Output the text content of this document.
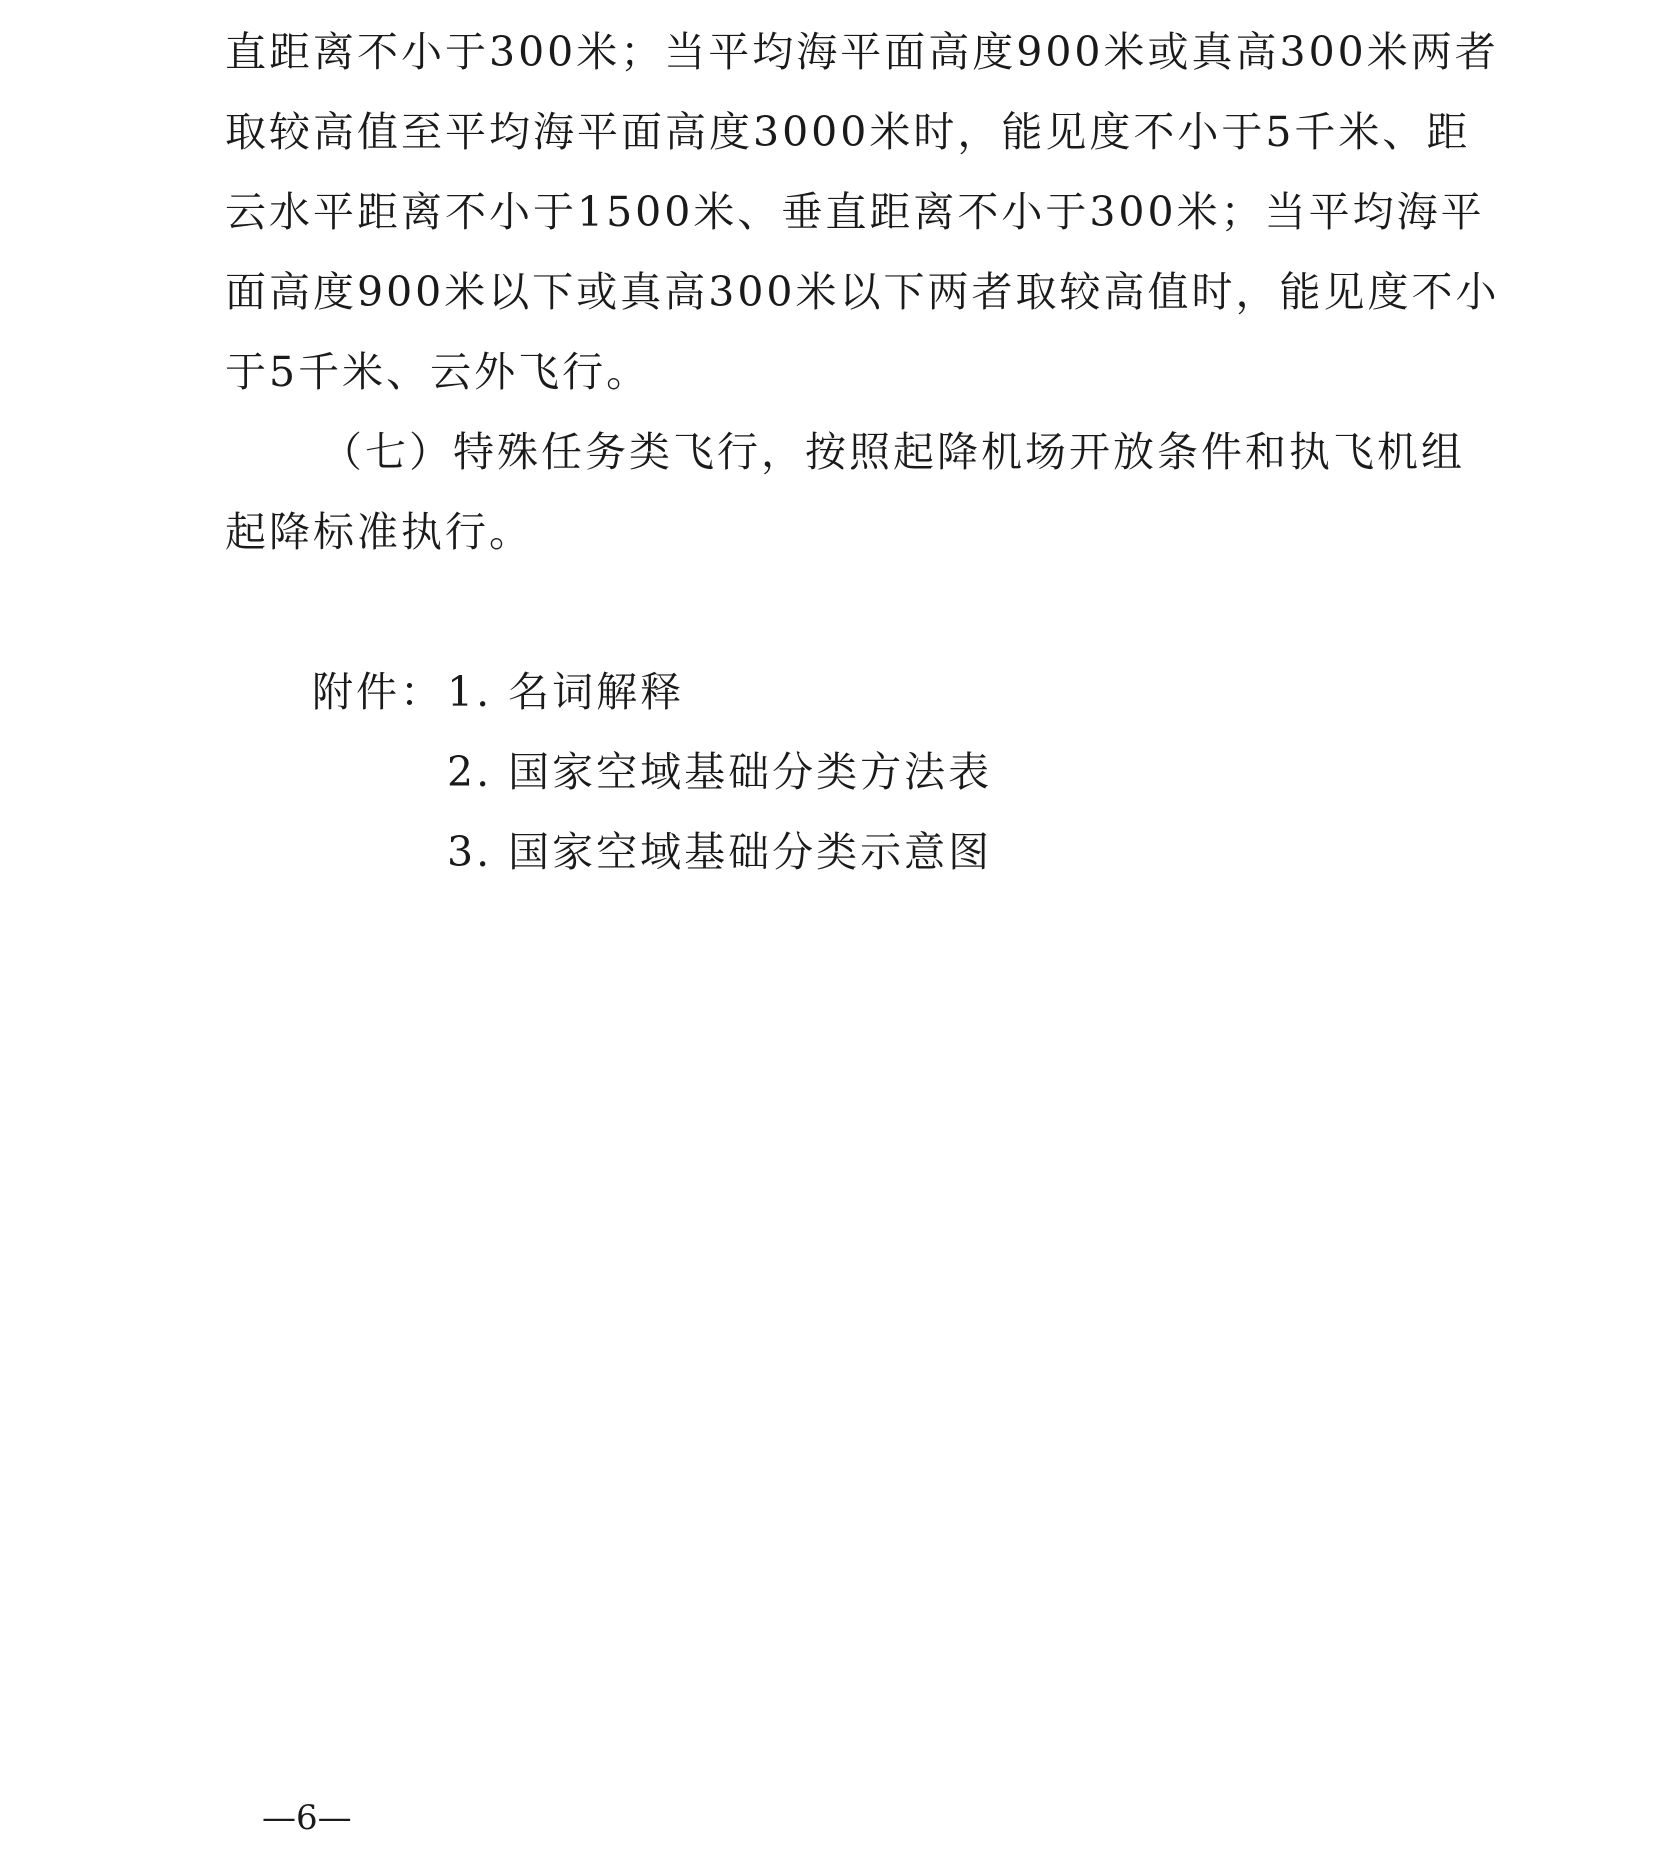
直距离不小于300米；当平均海平面高度900米或真高300米两者
取较高值至平均海平面高度3000米时，能见度不小于5千米、距
云水平距离不小于1500米、垂直距离不小于300米；当平均海平
面高度900米以下或真高300米以下两者取较高值时，能见度不小
于5千米、云外飞行。
（七）特殊任务类飞行，按照起降机场开放条件和执飞机组
起降标准执行。
附件： 1. 名词解释
2. 国家空域基础分类方法表
3. 国家空域基础分类示意图
—6—
